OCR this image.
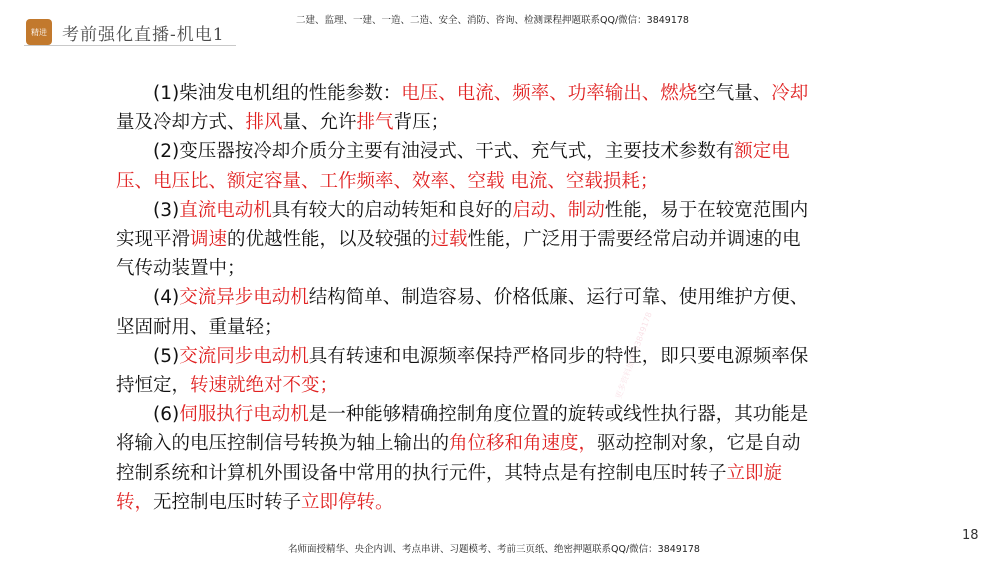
精进 考前强化直播-机电1
二建、监理、一建、一造、二造、安全、消防、咨询、检测课程押题联系QQ/微信：3849178
更多资料加微信3849178

(1)柴油发电机组的性能参数：电压、电流、频率、功率输出、燃烧空气量、冷却量及冷却方式、排风量、允许排气背压；

(2)变压器按冷却介质分主要有油浸式、干式、充气式，主要技术参数有额定电压、电压比、额定容量、工作频率、效率、空载 电流、空载损耗；

(3)直流电动机具有较大的启动转矩和良好的启动、制动性能，易于在较宽范围内实现平滑调速的优越性能，以及较强的过载性能，广泛用于需要经常启动并调速的电气传动装置中；

(4)交流异步电动机结构简单、制造容易、价格低廉、运行可靠、使用维护方便、坚固耐用、重量轻；

(5)交流同步电动机具有转速和电源频率保持严格同步的特性，即只要电源频率保持恒定，转速就绝对不变；

(6)伺服执行电动机是一种能够精确控制角度位置的旋转或线性执行器，其功能是将输入的电压控制信号转换为轴上输出的角位移和角速度，驱动控制对象，它是自动控制系统和计算机外围设备中常用的执行元件，其特点是有控制电压时转子立即旋转，无控制电压时转子立即停转。

名师面授精华、央企内训、考点串讲、习题模考、考前三页纸、绝密押题联系QQ/微信：3849178
18
